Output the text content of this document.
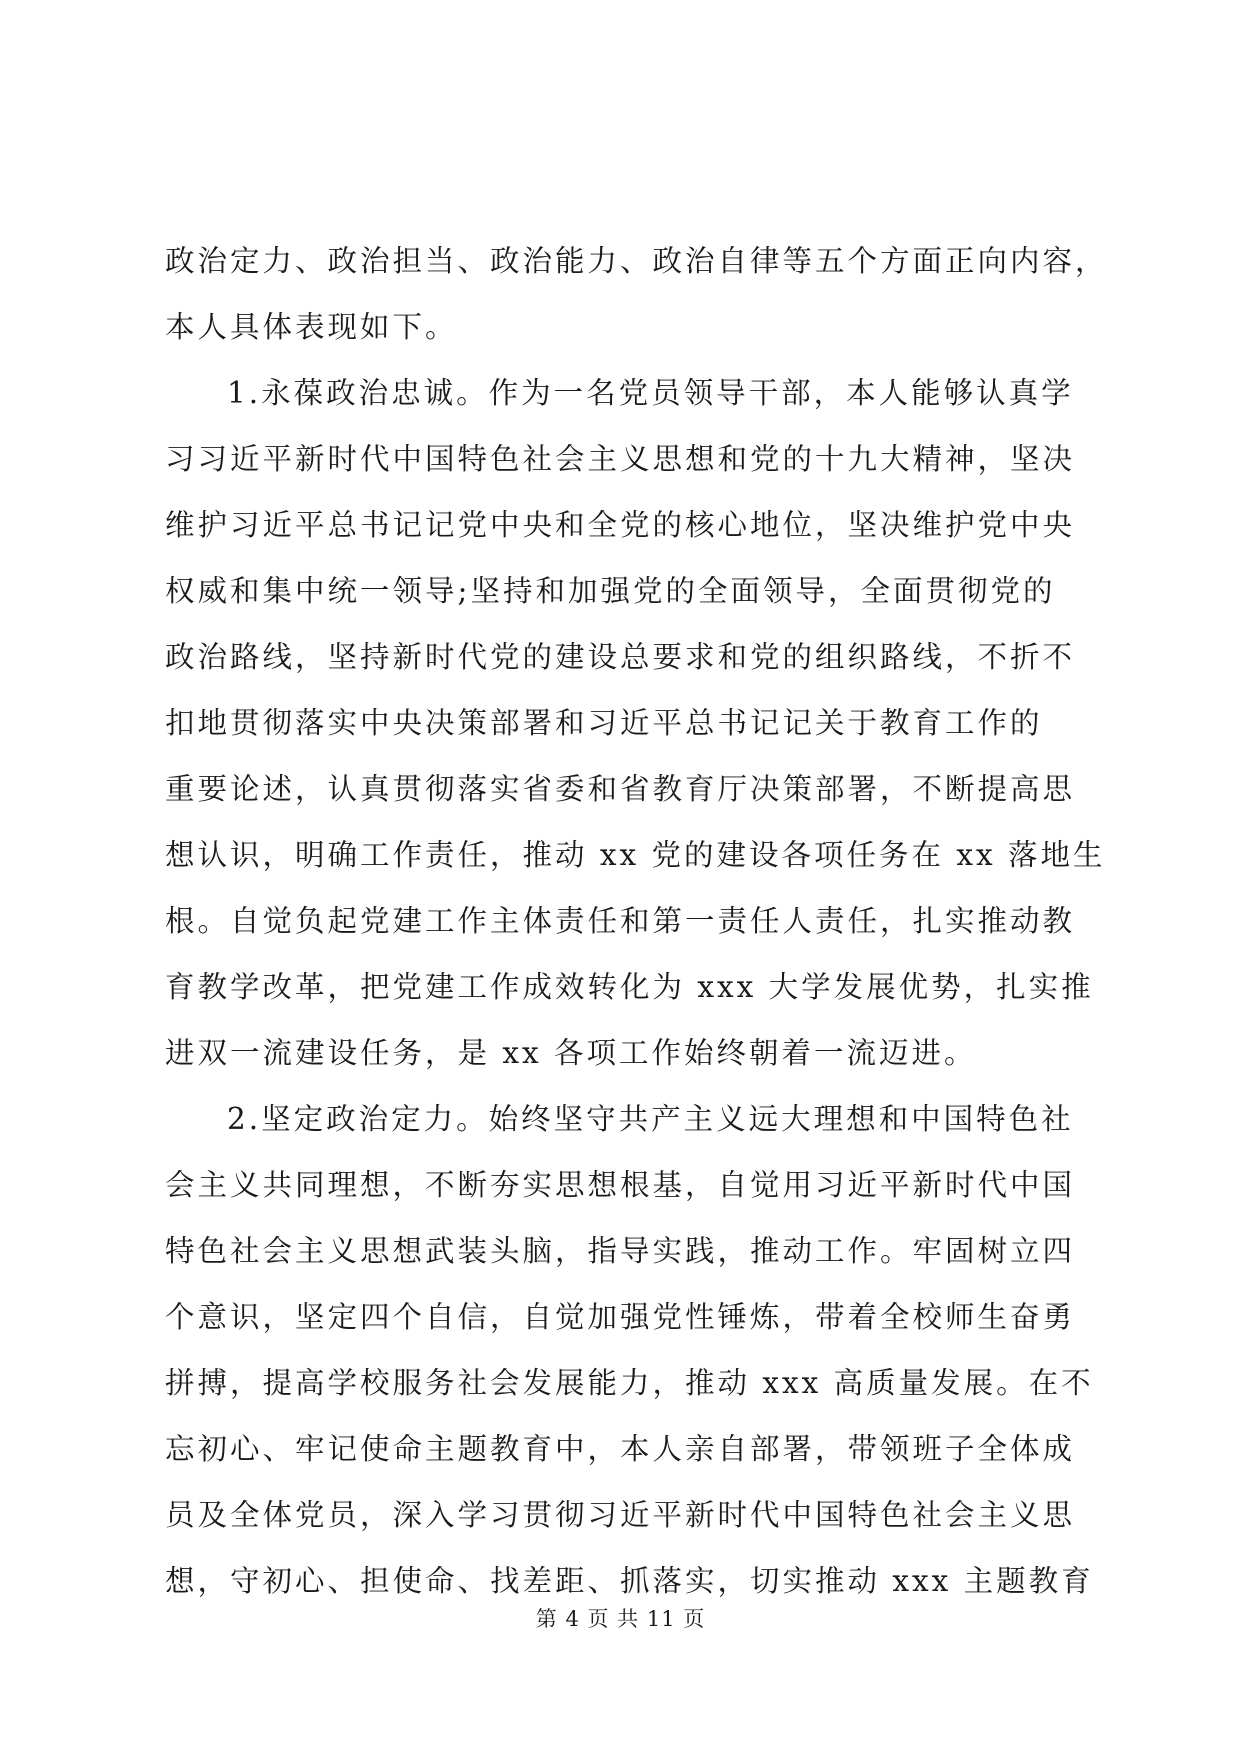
政治定力、政治担当、政治能力、政治自律等五个方面正向内容，
本人具体表现如下。
1.永葆政治忠诚。作为一名党员领导干部，本人能够认真学
习习近平新时代中国特色社会主义思想和党的十九大精神，坚决
维护习近平总书记记党中央和全党的核心地位，坚决维护党中央
权威和集中统一领导;坚持和加强党的全面领导，全面贯彻党的
政治路线，坚持新时代党的建设总要求和党的组织路线，不折不
扣地贯彻落实中央决策部署和习近平总书记记关于教育工作的
重要论述，认真贯彻落实省委和省教育厅决策部署，不断提高思
想认识，明确工作责任，推动 xx 党的建设各项任务在 xx 落地生
根。自觉负起党建工作主体责任和第一责任人责任，扎实推动教
育教学改革，把党建工作成效转化为 xxx 大学发展优势，扎实推
进双一流建设任务，是 xx 各项工作始终朝着一流迈进。
2.坚定政治定力。始终坚守共产主义远大理想和中国特色社
会主义共同理想，不断夯实思想根基，自觉用习近平新时代中国
特色社会主义思想武装头脑，指导实践，推动工作。牢固树立四
个意识，坚定四个自信，自觉加强党性锤炼，带着全校师生奋勇
拼搏，提高学校服务社会发展能力，推动 xxx 高质量发展。在不
忘初心、牢记使命主题教育中，本人亲自部署，带领班子全体成
员及全体党员，深入学习贯彻习近平新时代中国特色社会主义思
想，守初心、担使命、找差距、抓落实，切实推动 xxx 主题教育
第 4 页 共 11 页
